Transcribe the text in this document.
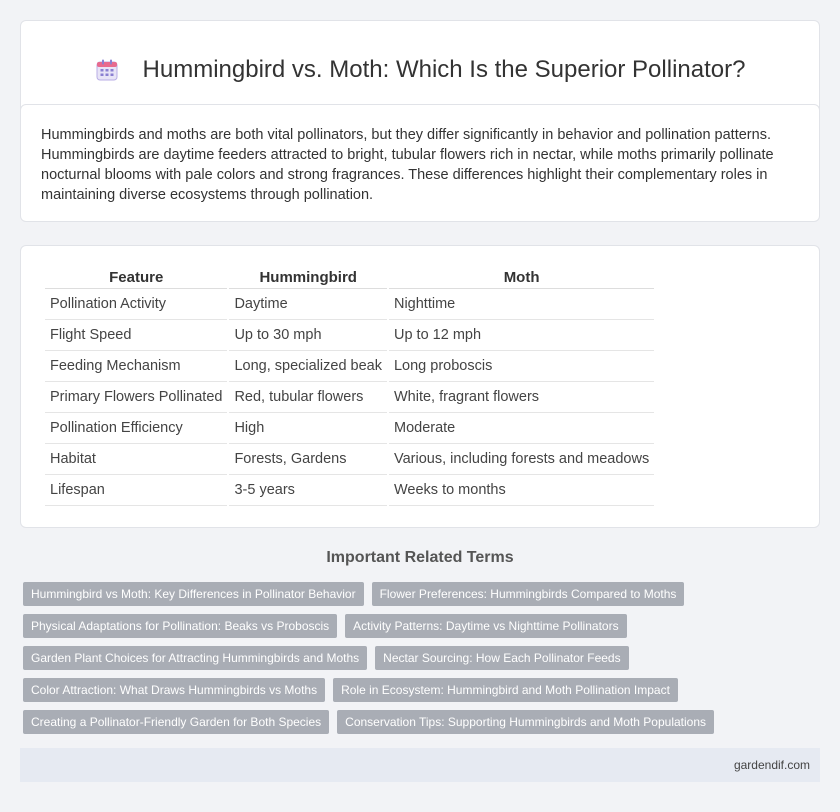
Hummingbird vs. Moth: Which Is the Superior Pollinator?

Hummingbirds and moths are both vital pollinators, but they differ significantly in behavior and pollination patterns. Hummingbirds are daytime feeders attracted to bright, tubular flowers rich in nectar, while moths primarily pollinate nocturnal blooms with pale colors and strong fragrances. These differences highlight their complementary roles in maintaining diverse ecosystems through pollination.

Feature	Hummingbird	Moth
Pollination Activity	Daytime	Nighttime
Flight Speed	Up to 30 mph	Up to 12 mph
Feeding Mechanism	Long, specialized beak	Long proboscis
Primary Flowers Pollinated	Red, tubular flowers	White, fragrant flowers
Pollination Efficiency	High	Moderate
Habitat	Forests, Gardens	Various, including forests and meadows
Lifespan	3-5 years	Weeks to months
Important Related Terms
Hummingbird vs Moth: Key Differences in Pollinator Behavior	Flower Preferences: Hummingbirds Compared to Moths
Physical Adaptations for Pollination: Beaks vs Proboscis	Activity Patterns: Daytime vs Nighttime Pollinators
Garden Plant Choices for Attracting Hummingbirds and Moths	Nectar Sourcing: How Each Pollinator Feeds
Color Attraction: What Draws Hummingbirds vs Moths	Role in Ecosystem: Hummingbird and Moth Pollination Impact
Creating a Pollinator-Friendly Garden for Both Species	Conservation Tips: Supporting Hummingbirds and Moth Populations
gardendif.com
